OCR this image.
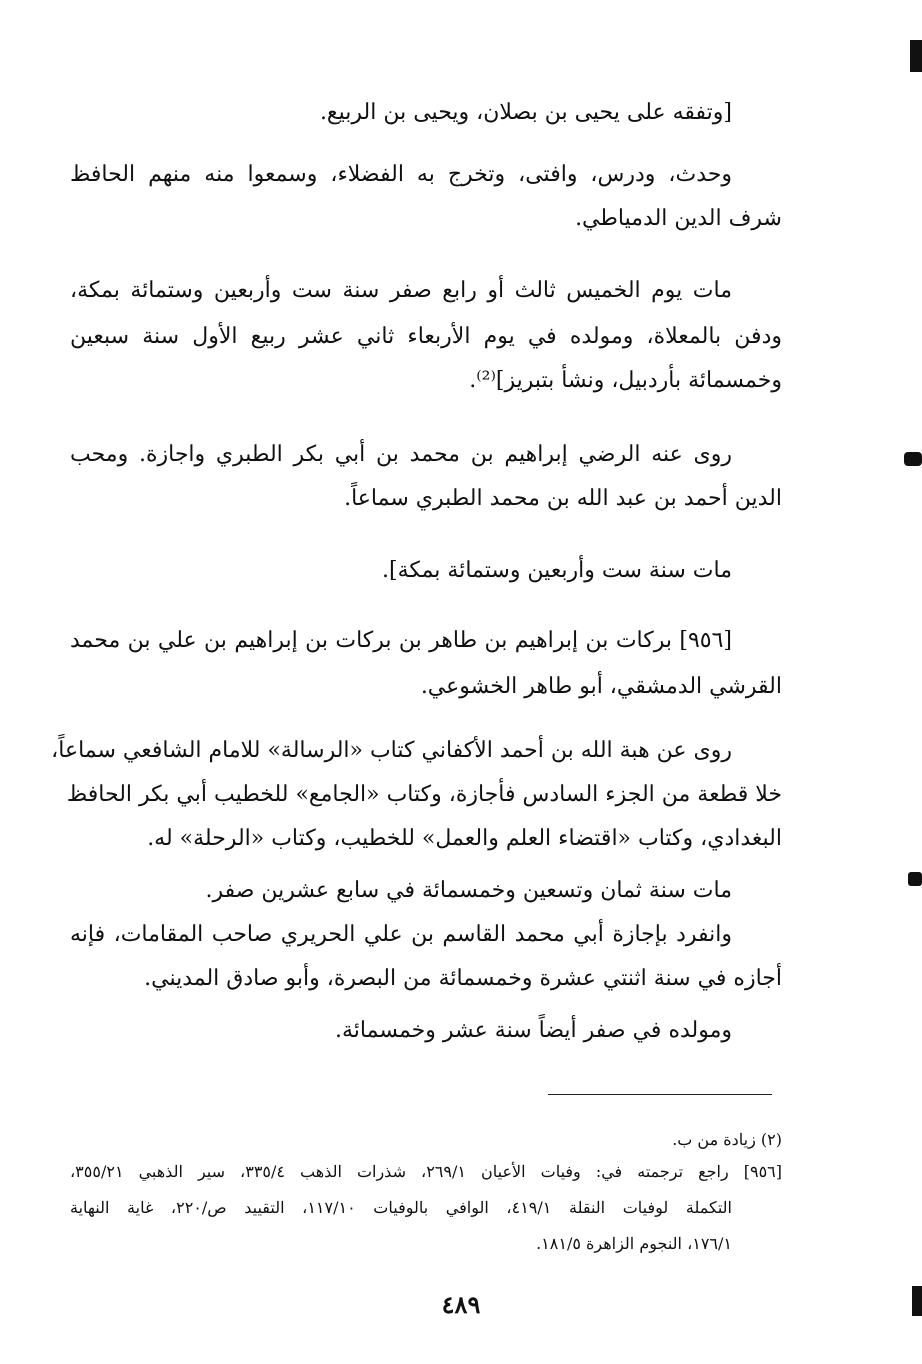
[وتفقه على يحيى بن بصلان، ويحيى بن الربيع.
وحدث، ودرس، وافتى، وتخرج به الفضلاء، وسمعوا منه منهم الحافظ
شرف الدين الدمياطي.
مات يوم الخميس ثالث أو رابع صفر سنة ست وأربعين وستمائة بمكة،
ودفن بالمعلاة، ومولده في يوم الأربعاء ثاني عشر ربيع الأول سنة سبعين
وخمسمائة بأردبيل، ونشأ بتبريز]⁽²⁾.
روى عنه الرضي إبراهيم بن محمد بن أبي بكر الطبري واجازة. ومحب
الدين أحمد بن عبد الله بن محمد الطبري سماعاً.
مات سنة ست وأربعين وستمائة بمكة].
[٩٥٦] بركات بن إبراهيم بن طاهر بن بركات بن إبراهيم بن علي بن محمد
القرشي الدمشقي، أبو طاهر الخشوعي.
روى عن هبة الله بن أحمد الأكفاني كتاب «الرسالة» للامام الشافعي سماعاً،
خلا قطعة من الجزء السادس فأجازة، وكتاب «الجامع» للخطيب أبي بكر الحافظ
البغدادي، وكتاب «اقتضاء العلم والعمل» للخطيب، وكتاب «الرحلة» له.
مات سنة ثمان وتسعين وخمسمائة في سابع عشرين صفر.
وانفرد بإجازة أبي محمد القاسم بن علي الحريري صاحب المقامات، فإنه
أجازه في سنة اثنتي عشرة وخمسمائة من البصرة، وأبو صادق المديني.
ومولده في صفر أيضاً سنة عشر وخمسمائة.
(٢) زيادة من ب.
[٩٥٦] راجع ترجمته في: وفيات الأعيان ٢٦٩/١، شذرات الذهب ٣٣٥/٤، سير الذهبي ٣٥٥/٢١،
التكملة لوفيات النقلة ٤١٩/١، الوافي بالوفيات ١١٧/١٠، التقييد ص/٢٢٠، غاية النهاية
١٧٦/١، النجوم الزاهرة ١٨١/٥.
٤٨٩
